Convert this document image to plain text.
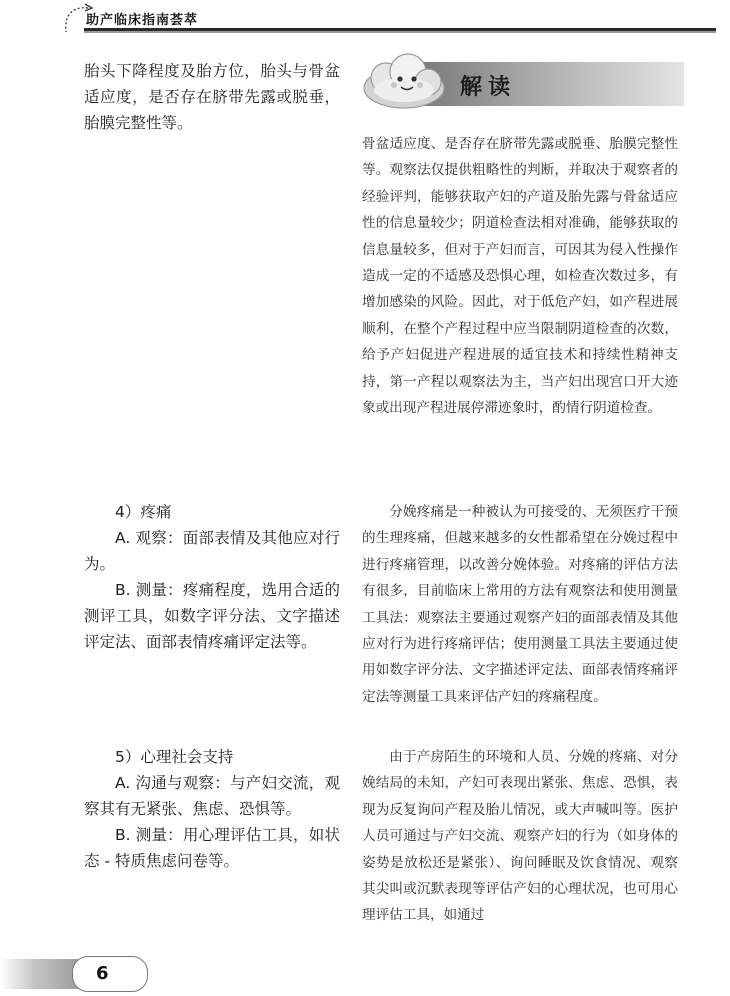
助产临床指南荟萃

胎头下降程度及胎方位，胎头与骨盆适应度，是否存在脐带先露或脱垂，胎膜完整性等。

4）疼痛

A. 观察：面部表情及其他应对行为。

B. 测量：疼痛程度，选用合适的测评工具，如数字评分法、文字描述评定法、面部表情疼痛评定法等。

5）心理社会支持

A. 沟通与观察：与产妇交流，观察其有无紧张、焦虑、恐惧等。

B. 测量：用心理评估工具，如状态 - 特质焦虑问卷等。

解读

骨盆适应度、是否存在脐带先露或脱垂、胎膜完整性等。观察法仅提供粗略性的判断，并取决于观察者的经验评判，能够获取产妇的产道及胎先露与骨盆适应性的信息量较少；阴道检查法相对准确，能够获取的信息量较多，但对于产妇而言，可因其为侵入性操作造成一定的不适感及恐惧心理，如检查次数过多，有增加感染的风险。因此，对于低危产妇，如产程进展顺利，在整个产程过程中应当限制阴道检查的次数，给予产妇促进产程进展的适宜技术和持续性精神支持，第一产程以观察法为主，当产妇出现宫口开大迹象或出现产程进展停滞迹象时，酌情行阴道检查。

分娩疼痛是一种被认为可接受的、无须医疗干预的生理疼痛，但越来越多的女性都希望在分娩过程中进行疼痛管理，以改善分娩体验。对疼痛的评估方法有很多，目前临床上常用的方法有观察法和使用测量工具法：观察法主要通过观察产妇的面部表情及其他应对行为进行疼痛评估；使用测量工具法主要通过使用如数字评分法、文字描述评定法、面部表情疼痛评定法等测量工具来评估产妇的疼痛程度。

由于产房陌生的环境和人员、分娩的疼痛、对分娩结局的未知，产妇可表现出紧张、焦虑、恐惧，表现为反复询问产程及胎儿情况，或大声喊叫等。医护人员可通过与产妇交流、观察产妇的行为（如身体的姿势是放松还是紧张）、询问睡眠及饮食情况、观察其尖叫或沉默表现等评估产妇的心理状况，也可用心理评估工具，如通过

6
